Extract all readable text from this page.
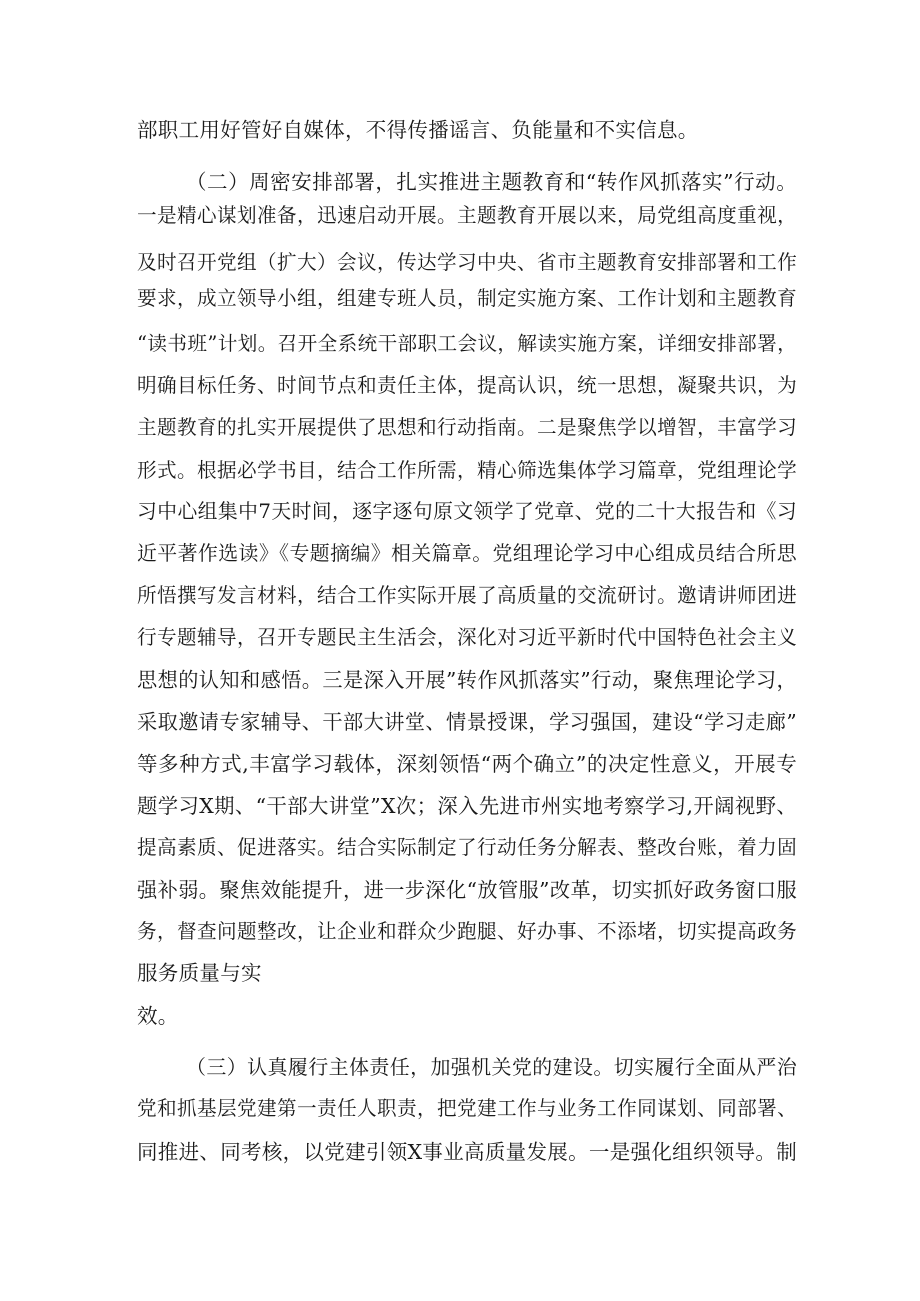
部职工用好管好自媒体，不得传播谣言、负能量和不实信息。
（二）周密安排部署，扎实推进主题教育和“转作风抓落实”行动。
一是精心谋划准备，迅速启动开展。主题教育开展以来，局党组高度重视，
及时召开党组（扩大）会议，传达学习中央、省市主题教育安排部署和工作
要求，成立领导小组，组建专班人员，制定实施方案、工作计划和主题教育
“读书班”计划。召开全系统干部职工会议，解读实施方案，详细安排部署，
明确目标任务、时间节点和责任主体，提高认识，统一思想，凝聚共识，为
主题教育的扎实开展提供了思想和行动指南。二是聚焦学以增智，丰富学习
形式。根据必学书目，结合工作所需，精心筛选集体学习篇章，党组理论学
习中心组集中7天时间，逐字逐句原文领学了党章、党的二十大报告和《习
近平著作选读》《专题摘编》相关篇章。党组理论学习中心组成员结合所思
所悟撰写发言材料，结合工作实际开展了高质量的交流研讨。邀请讲师团进
行专题辅导，召开专题民主生活会，深化对习近平新时代中国特色社会主义
思想的认知和感悟。三是深入开展”转作风抓落实”行动，聚焦理论学习，
采取邀请专家辅导、干部大讲堂、情景授课，学习强国，建设“学习走廊”
等多种方式,丰富学习载体，深刻领悟“两个确立”的决定性意义，开展专
题学习X期、“干部大讲堂”X次；深入先进市州实地考察学习,开阔视野、
提高素质、促进落实。结合实际制定了行动任务分解表、整改台账，着力固
强补弱。聚焦效能提升，进一步深化“放管服”改革，切实抓好政务窗口服
务，督查问题整改，让企业和群众少跑腿、好办事、不添堵，切实提高政务
服务质量与实
效。
（三）认真履行主体责任，加强机关党的建设。切实履行全面从严治
党和抓基层党建第一责任人职责，把党建工作与业务工作同谋划、同部署、
同推进、同考核，以党建引领X事业高质量发展。一是强化组织领导。制
